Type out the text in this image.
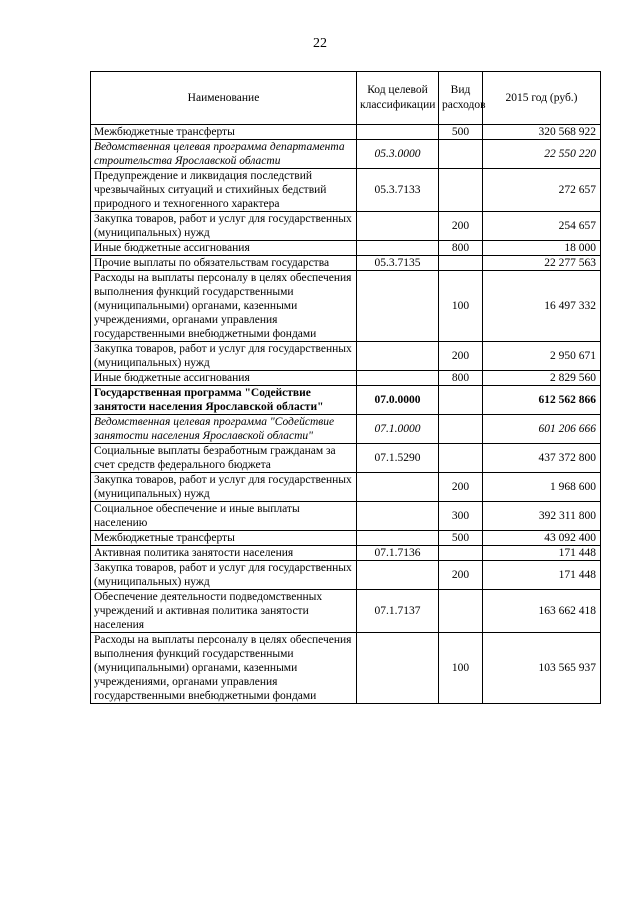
22
Наименование	Код целевой классификации	Вид расходов	2015 год (руб.)
Межбюджетные трансферты		500	320 568 922
Ведомственная целевая программа департамента строительства Ярославской области	05.3.0000		22 550 220
Предупреждение и ликвидация последствий чрезвычайных ситуаций и стихийных бедствий природного и техногенного характера	05.3.7133		272 657
Закупка товаров, работ и услуг для государственных (муниципальных) нужд		200	254 657
Иные бюджетные ассигнования		800	18 000
Прочие выплаты по обязательствам государства	05.3.7135		22 277 563
Расходы на выплаты персоналу в целях обеспечения выполнения функций государственными (муниципальными) органами, казенными учреждениями, органами управления государственными внебюджетными фондами		100	16 497 332
Закупка товаров, работ и услуг для государственных (муниципальных) нужд		200	2 950 671
Иные бюджетные ассигнования		800	2 829 560
Государственная программа "Содействие занятости населения Ярославской области"	07.0.0000		612 562 866
Ведомственная целевая программа "Содействие занятости населения Ярославской области"	07.1.0000		601 206 666
Социальные выплаты безработным гражданам за счет средств федерального бюджета	07.1.5290		437 372 800
Закупка товаров, работ и услуг для государственных (муниципальных) нужд		200	1 968 600
Социальное обеспечение и иные выплаты населению		300	392 311 800
Межбюджетные трансферты		500	43 092 400
Активная политика занятости населения	07.1.7136		171 448
Закупка товаров, работ и услуг для государственных (муниципальных) нужд		200	171 448
Обеспечение деятельности подведомственных учреждений и активная политика занятости населения	07.1.7137		163 662 418
Расходы на выплаты персоналу в целях обеспечения выполнения функций государственными (муниципальными) органами, казенными учреждениями, органами управления государственными внебюджетными фондами		100	103 565 937
